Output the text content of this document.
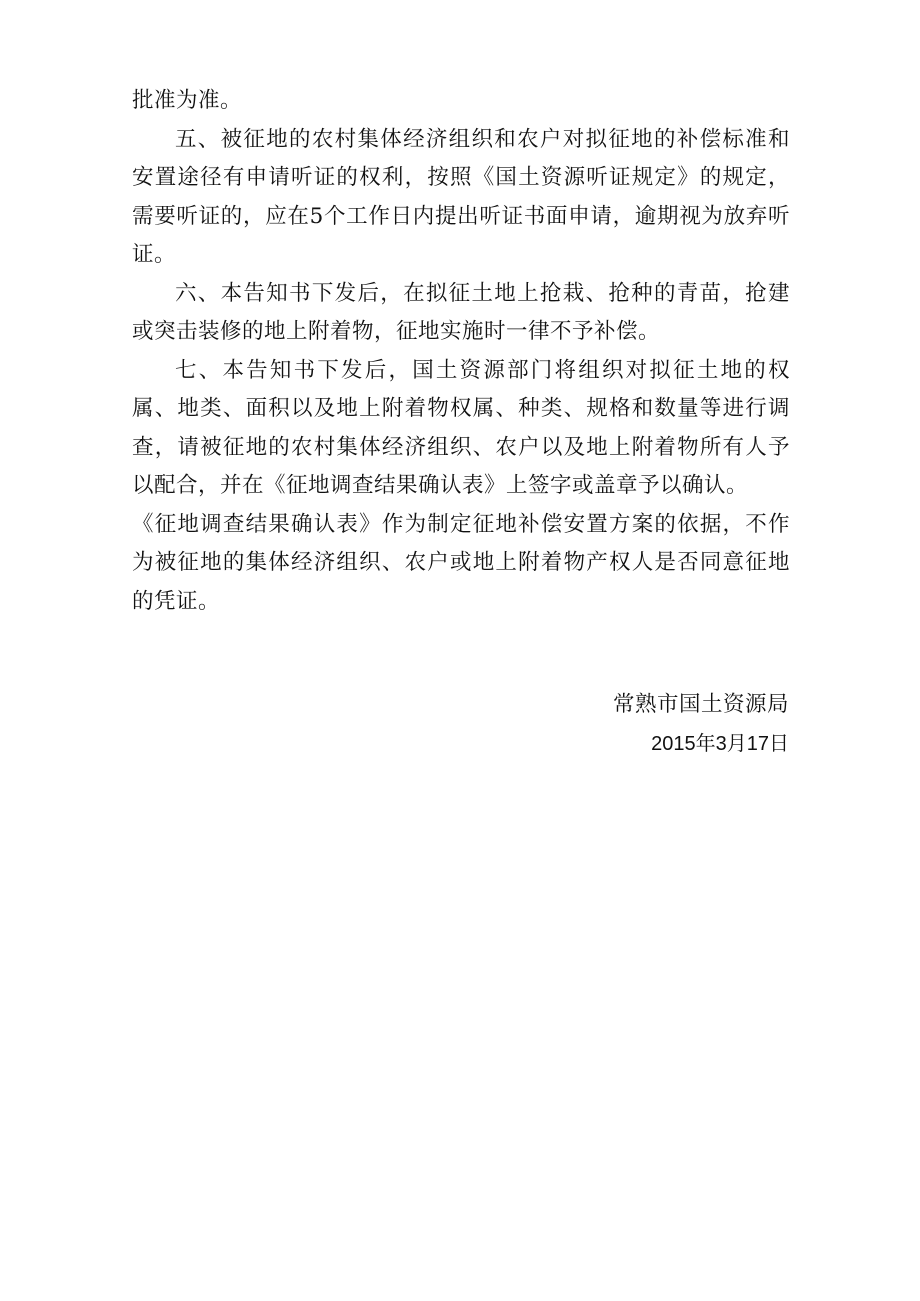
批准为准。

五、被征地的农村集体经济组织和农户对拟征地的补偿标准和安置途径有申请听证的权利，按照《国土资源听证规定》的规定，需要听证的，应在5个工作日内提出听证书面申请，逾期视为放弃听证。

六、本告知书下发后，在拟征土地上抢栽、抢种的青苗，抢建或突击装修的地上附着物，征地实施时一律不予补偿。

七、本告知书下发后，国土资源部门将组织对拟征土地的权属、地类、面积以及地上附着物权属、种类、规格和数量等进行调查，请被征地的农村集体经济组织、农户以及地上附着物所有人予以配合，并在《征地调查结果确认表》上签字或盖章予以确认。

《征地调查结果确认表》作为制定征地补偿安置方案的依据，不作为被征地的集体经济组织、农户或地上附着物产权人是否同意征地的凭证。

常熟市国土资源局
2015年3月17日
